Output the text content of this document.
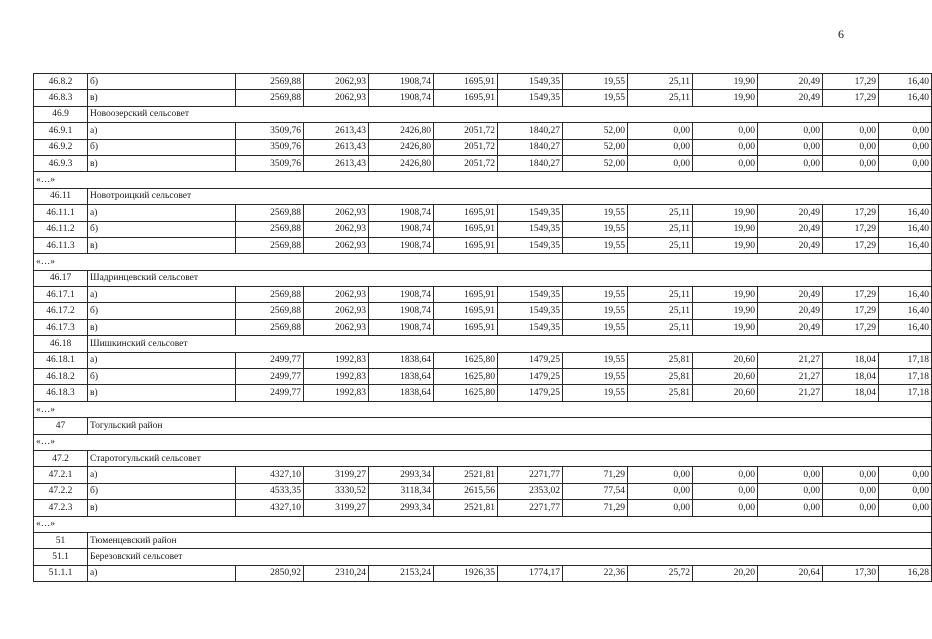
6
46.8.2	б)	2569,88	2062,93	1908,74	1695,91	1549,35	19,55	25,11	19,90	20,49	17,29	16,40
46.8.3	в)	2569,88	2062,93	1908,74	1695,91	1549,35	19,55	25,11	19,90	20,49	17,29	16,40
46.9	Новоозерский сельсовет											
46.9.1	а)	3509,76	2613,43	2426,80	2051,72	1840,27	52,00	0,00	0,00	0,00	0,00	0,00
46.9.2	б)	3509,76	2613,43	2426,80	2051,72	1840,27	52,00	0,00	0,00	0,00	0,00	0,00
46.9.3	в)	3509,76	2613,43	2426,80	2051,72	1840,27	52,00	0,00	0,00	0,00	0,00	0,00
«…»												
46.11	Новотроицкий сельсовет											
46.11.1	а)	2569,88	2062,93	1908,74	1695,91	1549,35	19,55	25,11	19,90	20,49	17,29	16,40
46.11.2	б)	2569,88	2062,93	1908,74	1695,91	1549,35	19,55	25,11	19,90	20,49	17,29	16,40
46.11.3	в)	2569,88	2062,93	1908,74	1695,91	1549,35	19,55	25,11	19,90	20,49	17,29	16,40
«…»												
46.17	Шадринцевский сельсовет											
46.17.1	а)	2569,88	2062,93	1908,74	1695,91	1549,35	19,55	25,11	19,90	20,49	17,29	16,40
46.17.2	б)	2569,88	2062,93	1908,74	1695,91	1549,35	19,55	25,11	19,90	20,49	17,29	16,40
46.17.3	в)	2569,88	2062,93	1908,74	1695,91	1549,35	19,55	25,11	19,90	20,49	17,29	16,40
46.18	Шишкинский сельсовет											
46.18.1	а)	2499,77	1992,83	1838,64	1625,80	1479,25	19,55	25,81	20,60	21,27	18,04	17,18
46.18.2	б)	2499,77	1992,83	1838,64	1625,80	1479,25	19,55	25,81	20,60	21,27	18,04	17,18
46.18.3	в)	2499,77	1992,83	1838,64	1625,80	1479,25	19,55	25,81	20,60	21,27	18,04	17,18
«…»												
47	Тогульский район											
«…»												
47.2	Старотогульский сельсовет											
47.2.1	а)	4327,10	3199,27	2993,34	2521,81	2271,77	71,29	0,00	0,00	0,00	0,00	0,00
47.2.2	б)	4533,35	3330,52	3118,34	2615,56	2353,02	77,54	0,00	0,00	0,00	0,00	0,00
47.2.3	в)	4327,10	3199,27	2993,34	2521,81	2271,77	71,29	0,00	0,00	0,00	0,00	0,00
«…»												
51	Тюменцевский район											
51.1	Березовский сельсовет											
51.1.1	а)	2850,92	2310,24	2153,24	1926,35	1774,17	22,36	25,72	20,20	20,64	17,30	16,28
